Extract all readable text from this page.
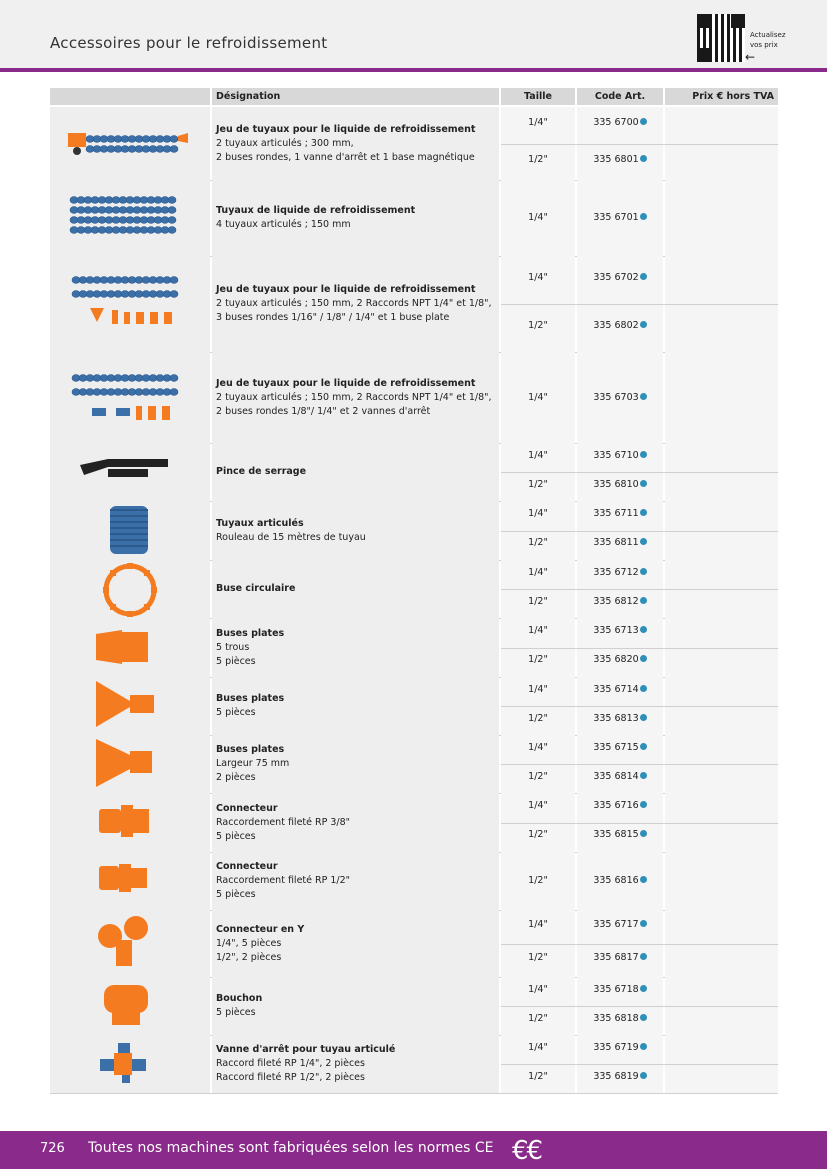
Accessoires pour le refroidissement	Actualisez vos prix
←
Désignation	Taille	Code Art.	Prix € hors TVA
Jeu de tuyaux pour le liquide de refroidissement
2 tuyaux articulés ; 300 mm,
2 buses rondes, 1 vanne d'arrêt et 1 base magnétique
1/4"	335 6700
1/2"	335 6801
Tuyaux de liquide de refroidissement
4 tuyaux articulés ; 150 mm
1/4"	335 6701
Jeu de tuyaux pour le liquide de refroidissement
2 tuyaux articulés ; 150 mm, 2 Raccords NPT 1/4" et 1/8",
3 buses rondes 1/16" / 1/8" / 1/4" et 1 buse plate
1/4"	335 6702
1/2"	335 6802
Jeu de tuyaux pour le liquide de refroidissement
2 tuyaux articulés ; 150 mm, 2 Raccords NPT 1/4" et 1/8",
2 buses rondes 1/8"/ 1/4" et 2 vannes d'arrêt
1/4"	335 6703
Pince de serrage
1/4"	335 6710
1/2"	335 6810
Tuyaux articulés
Rouleau de 15 mètres de tuyau
1/4"	335 6711
1/2"	335 6811
Buse circulaire
1/4"	335 6712
1/2"	335 6812
Buses plates
5 trous
5 pièces
1/4"	335 6713
1/2"	335 6820
Buses plates
5 pièces
1/4"	335 6714
1/2"	335 6813
Buses plates
Largeur 75 mm
2 pièces
1/4"	335 6715
1/2"	335 6814
Connecteur
Raccordement fileté RP 3/8"
5 pièces
1/4"	335 6716
1/2"	335 6815
Connecteur
Raccordement fileté RP 1/2"
5 pièces
1/2"	335 6816
Connecteur en Y
1/4", 5 pièces
1/2", 2 pièces
1/4"	335 6717
1/2"	335 6817
Bouchon
5 pièces
1/4"	335 6718
1/2"	335 6818
Vanne d'arrêt pour tuyau articulé
Raccord fileté RP 1/4", 2 pièces
Raccord fileté RP 1/2", 2 pièces
1/4"	335 6719
1/2"	335 6819
726 Toutes nos machines sont fabriquées selon les normes CE €€
